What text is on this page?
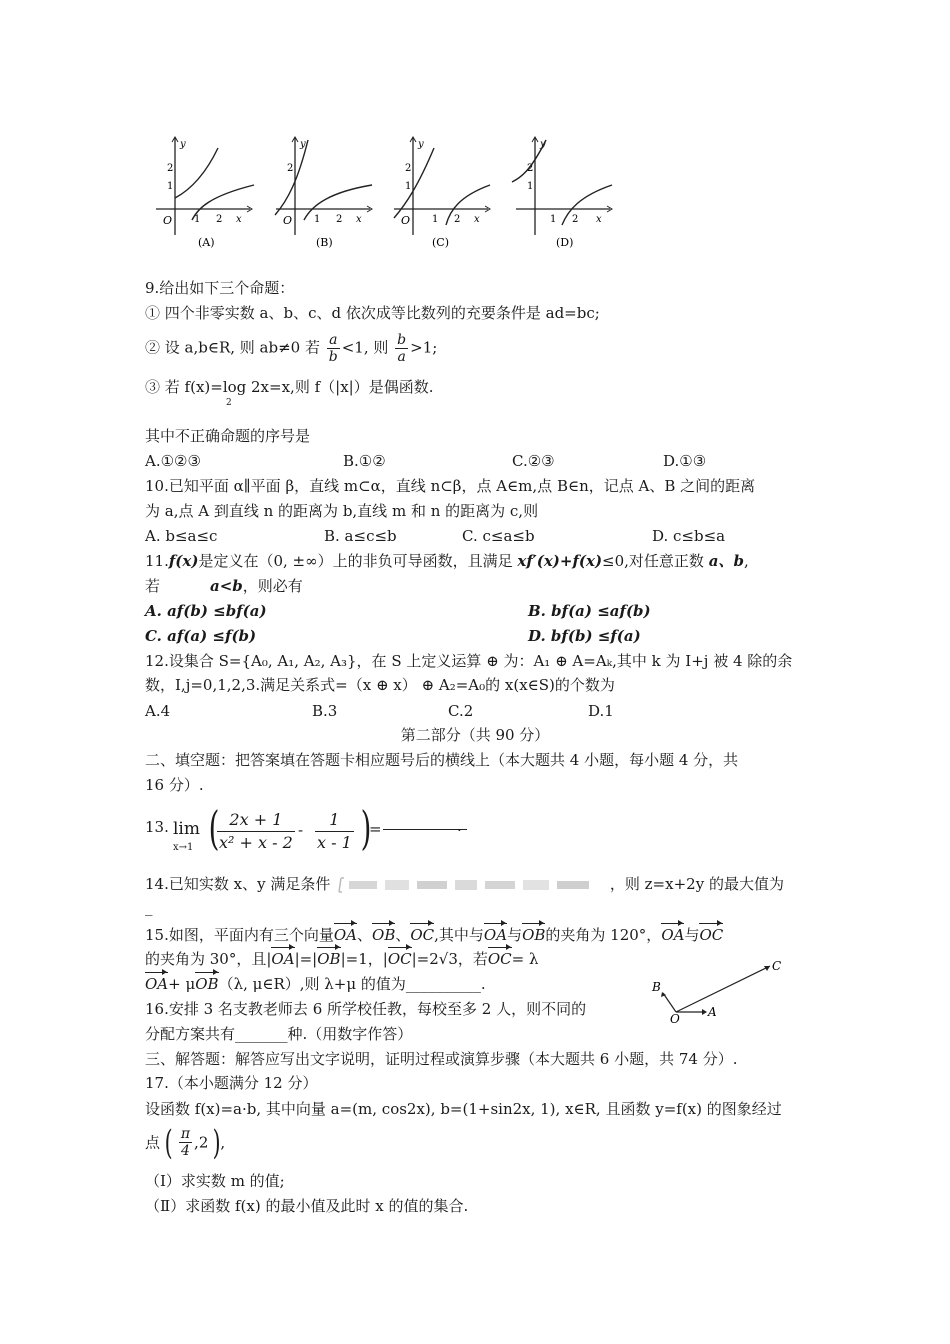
y
x
O
2
1
1 2
(A)
y
x
O
2
1 2
(B)
y
x
O
2
1
1 2
(C)
y
x
2
1
1 2
(D)
9.给出如下三个命题：
① 四个非零实数 a、b、c、d 依次成等比数列的充要条件是 ad=bc;
② 设 a,b∈R, 则 ab≠0 若 $\frac{a}{b} <1$, 则 $\frac{b}{a} >1$;
③ 若 f(x)=log 2x=x,则 f（|x|）是偶函数.
2
其中不正确命题的序号是
A.①②③	B.①②	C.②③	D.①③
10.已知平面 α∥平面 β，直线 m⊂α，直线 n⊂β，点 A∈m,点 B∈n，记点 A、B 之间的距离
为 a,点 A 到直线 n 的距离为 b,直线 m 和 n 的距离为 c,则
A. b≤a≤c	B. a≤c≤b	C. c≤a≤b	D. c≤b≤a
11.f(x)是定义在（0, ±∞）上的非负可导函数，且满足 xf′(x)+f(x)≤0,对任意正数 a、b,
若	a<b，则必有
A. af(b) ≤bf(a)	B. bf(a) ≤af(b)
C. af(a) ≤f(b)	D. bf(b) ≤f(a)
12.设集合 S={A₀, A₁, A₂, A₃}，在 S 上定义运算 ⊕ 为：A₁ ⊕ A=Aₖ,其中 k 为 I+j 被 4 除的余
数，I,j=0,1,2,3.满足关系式=（x ⊕ x） ⊕ A₂=A₀的 x(x∈S)的个数为
A.4	B.3	C.2	D.1
第二部分（共 90 分）
二、填空题：把答案填在答题卡相应题号后的横线上（本大题共 4 小题，每小题 4 分，共
16 分）.
13. lim
x→1 (
$\frac{2x + 1}{\text{x² + x - 2}} - \frac{1}{x - 1}$ )
=	.
14.已知实数 x、y 满足条件	，则 z=x+2y 的最大值为
_
15.如图，平面内有三个向量OA、OB、OC,其中与OA与OB的夹角为 120°，OA与OC
的夹角为 30°，且|OA|=|OB|=1，|OC|=2√3，若OC= λ
OA+ μOB（λ, μ∈R）,则 λ+μ 的值为__________.
16.安排 3 名支教老师去 6 所学校任教，每校至多 2 人，则不同的
分配方案共有_______种.（用数字作答）
O A
B
C
三、解答题：解答应写出文字说明，证明过程或演算步骤（本大题共 6 小题，共 74 分）.
17.（本小题满分 12 分）
设函数 f(x)=a·b, 其中向量 a=(m, cos2x), b=(1+sin2x, 1), x∈R, 且函数 y=f(x) 的图象经过
点 ( $\frac{\pi}{4} ,2$ ),
（Ⅰ）求实数 m 的值;
（Ⅱ）求函数 f(x) 的最小值及此时 x 的值的集合.
